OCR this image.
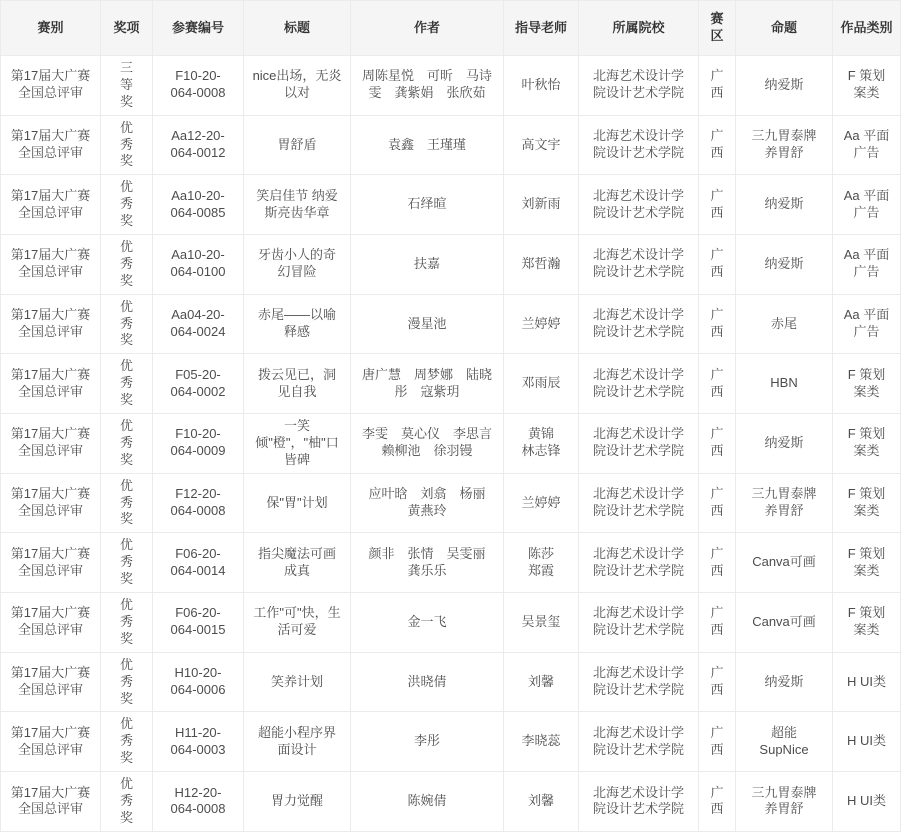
赛别	奖项	参赛编号	标题	作者	指导老师	所属院校	赛区	命题	作品类别

第17届大广赛全国总评审	三等奖	F10-20-064-0008	nice出场，无炎以对	周陈星悦　可昕　马诗雯　龚紫娟　张欣茹	叶秋怡	北海艺术设计学院设计艺术学院	广西	纳爱斯	F 策划案类

第17届大广赛全国总评审	优秀奖	Aa12-20-064-0012	胃舒盾	袁鑫　王瑾瑾	高文宇	北海艺术设计学院设计艺术学院	广西	三九胃泰牌养胃舒	Aa 平面广告

第17届大广赛全国总评审	优秀奖	Aa10-20-064-0085	笑启佳节 纳爱斯亮齿华章	石绎暄	刘新雨	北海艺术设计学院设计艺术学院	广西	纳爱斯	Aa 平面广告

第17届大广赛全国总评审	优秀奖	Aa10-20-064-0100	牙齿小人的奇幻冒险	扶嘉	郑哲瀚	北海艺术设计学院设计艺术学院	广西	纳爱斯	Aa 平面广告

第17届大广赛全国总评审	优秀奖	Aa04-20-064-0024	赤尾——以喻释感	漫星池	兰婷婷	北海艺术设计学院设计艺术学院	广西	赤尾	Aa 平面广告

第17届大广赛全国总评审	优秀奖	F05-20-064-0002	拨云见已，洞见自我	唐广慧　周梦娜　陆晓彤　寇紫玥	邓雨辰	北海艺术设计学院设计艺术学院	广西	HBN	F 策划案类

第17届大广赛全国总评审	优秀奖	F10-20-064-0009	一笑倾"橙"，"柚"口皆碑	李雯　莫心仪　李思言　赖柳池　徐羽镘	黄锦　林志锋	北海艺术设计学院设计艺术学院	广西	纳爱斯	F 策划案类

第17届大广赛全国总评审	优秀奖	F12-20-064-0008	保"胃"计划	应叶晗　刘翕　杨丽　黄燕玲	兰婷婷	北海艺术设计学院设计艺术学院	广西	三九胃泰牌养胃舒	F 策划案类

第17届大广赛全国总评审	优秀奖	F06-20-064-0014	指尖魔法可画成真	颜非　张情　吴雯丽　龚乐乐	陈莎　郑霞	北海艺术设计学院设计艺术学院	广西	Canva可画	F 策划案类

第17届大广赛全国总评审	优秀奖	F06-20-064-0015	工作"可"快，生活可爱	金一飞	吴景玺	北海艺术设计学院设计艺术学院	广西	Canva可画	F 策划案类

第17届大广赛全国总评审	优秀奖	H10-20-064-0006	笑养计划	洪晓倩	刘馨	北海艺术设计学院设计艺术学院	广西	纳爱斯	H UI类

第17届大广赛全国总评审	优秀奖	H11-20-064-0003	超能小程序界面设计	李彤	李晓蕊	北海艺术设计学院设计艺术学院	广西	超能SupNice	H UI类

第17届大广赛全国总评审	优秀奖	H12-20-064-0008	胃力觉醒	陈婉倩	刘馨	北海艺术设计学院设计艺术学院	广西	三九胃泰牌养胃舒	H UI类
